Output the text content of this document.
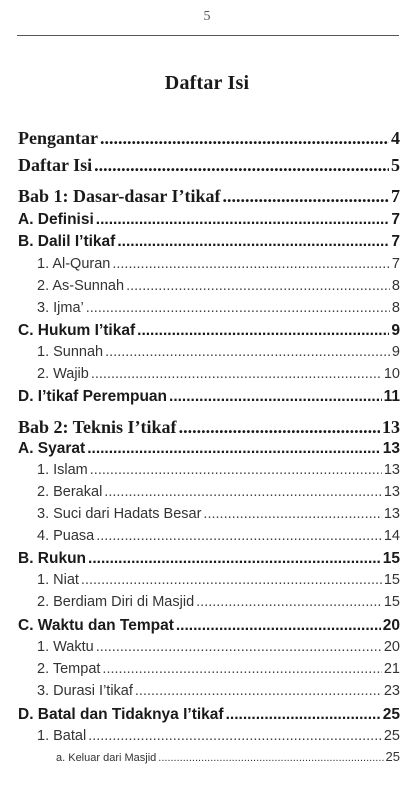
5
Daftar Isi
Pengantar .....	4
Daftar Isi .....	5
Bab 1: Dasar-dasar I’tikaf .....	7
A. Definisi .....	7
B. Dalil I’tikaf .....	7
1. Al-Quran .....	7
2. As-Sunnah .....	8
3. Ijma’ .....	8
C. Hukum I’tikaf .....	9
1. Sunnah .....	9
2. Wajib .....	10
D. I’tikaf Perempuan .....	11
Bab 2: Teknis I’tikaf .....	13
A. Syarat .....	13
1. Islam .....	13
2. Berakal .....	13
3. Suci dari Hadats Besar .....	13
4. Puasa .....	14
B. Rukun .....	15
1. Niat .....	15
2. Berdiam Diri di Masjid .....	15
C. Waktu dan Tempat .....	20
1. Waktu .....	20
2. Tempat .....	21
3. Durasi I’tikaf .....	23
D. Batal dan Tidaknya I’tikaf .....	25
1. Batal .....	25
a. Keluar dari Masjid .....	25
